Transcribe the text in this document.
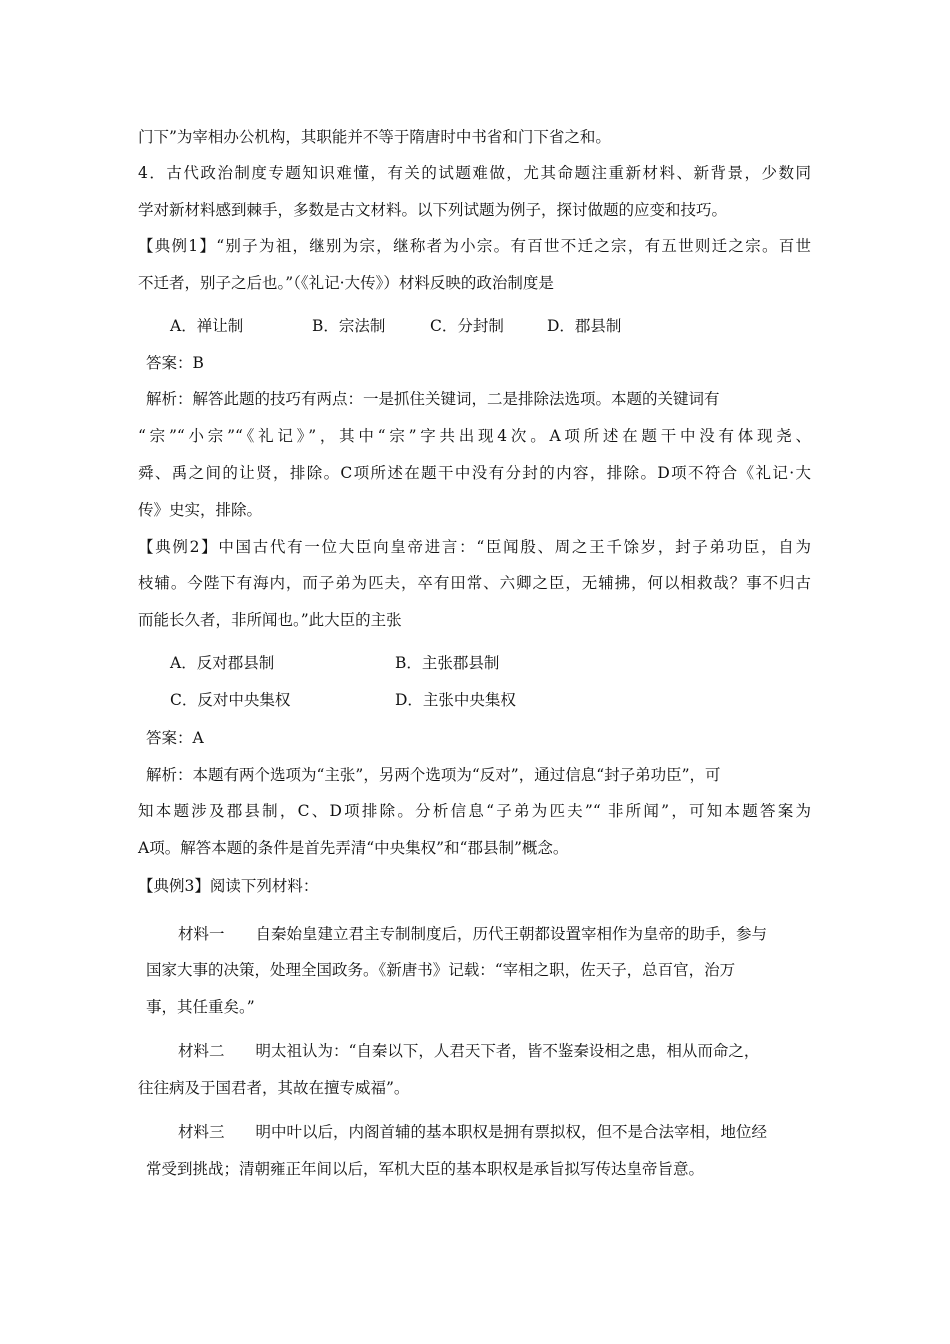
门下”为宰相办公机构，其职能并不等于隋唐时中书省和门下省之和。

4．古代政治制度专题知识难懂，有关的试题难做，尤其命题注重新材料、新背景，少数同

学对新材料感到棘手，多数是古文材料。以下列试题为例子，探讨做题的应变和技巧。

【典例1】“别子为祖，继别为宗，继称者为小宗。有百世不迁之宗，有五世则迁之宗。百世

不迁者，别子之后也。”（《礼记·大传》）材料反映的政治制度是

A．禅让制	B．宗法制	C．分封制	D．郡县制

答案：B

解析：解答此题的技巧有两点：一是抓住关键词，二是排除法选项。本题的关键词有

“宗”“小宗”“《礼记》”，其中“宗”字共出现4次。A项所述在题干中没有体现尧、

舜、禹之间的让贤，排除。C项所述在题干中没有分封的内容，排除。D项不符合《礼记·大

传》史实，排除。

【典例2】中国古代有一位大臣向皇帝进言：“臣闻殷、周之王千馀岁，封子弟功臣，自为

枝辅。今陛下有海内，而子弟为匹夫，卒有田常、六卿之臣，无辅拂，何以相救哉？事不归古

而能长久者，非所闻也。”此大臣的主张

A．反对郡县制	B．主张郡县制
C．反对中央集权	D．主张中央集权

答案：A

解析：本题有两个选项为“主张”，另两个选项为“反对”，通过信息“封子弟功臣”，可

知本题涉及郡县制，C、D项排除。分析信息“子弟为匹夫”“ 非所闻”，可知本题答案为

A项。解答本题的条件是首先弄清“中央集权”和“郡县制”概念。

【典例3】阅读下列材料：

材料一　　自秦始皇建立君主专制制度后，历代王朝都设置宰相作为皇帝的助手，参与

国家大事的决策，处理全国政务。《新唐书》记载：“宰相之职，佐天子，总百官，治万

事，其任重矣。”

材料二　　明太祖认为：“自秦以下，人君天下者，皆不鉴秦设相之患，相从而命之，

往往病及于国君者，其故在擅专威福”。

材料三　　明中叶以后，内阁首辅的基本职权是拥有票拟权，但不是合法宰相，地位经

常受到挑战；清朝雍正年间以后，军机大臣的基本职权是承旨拟写传达皇帝旨意。
